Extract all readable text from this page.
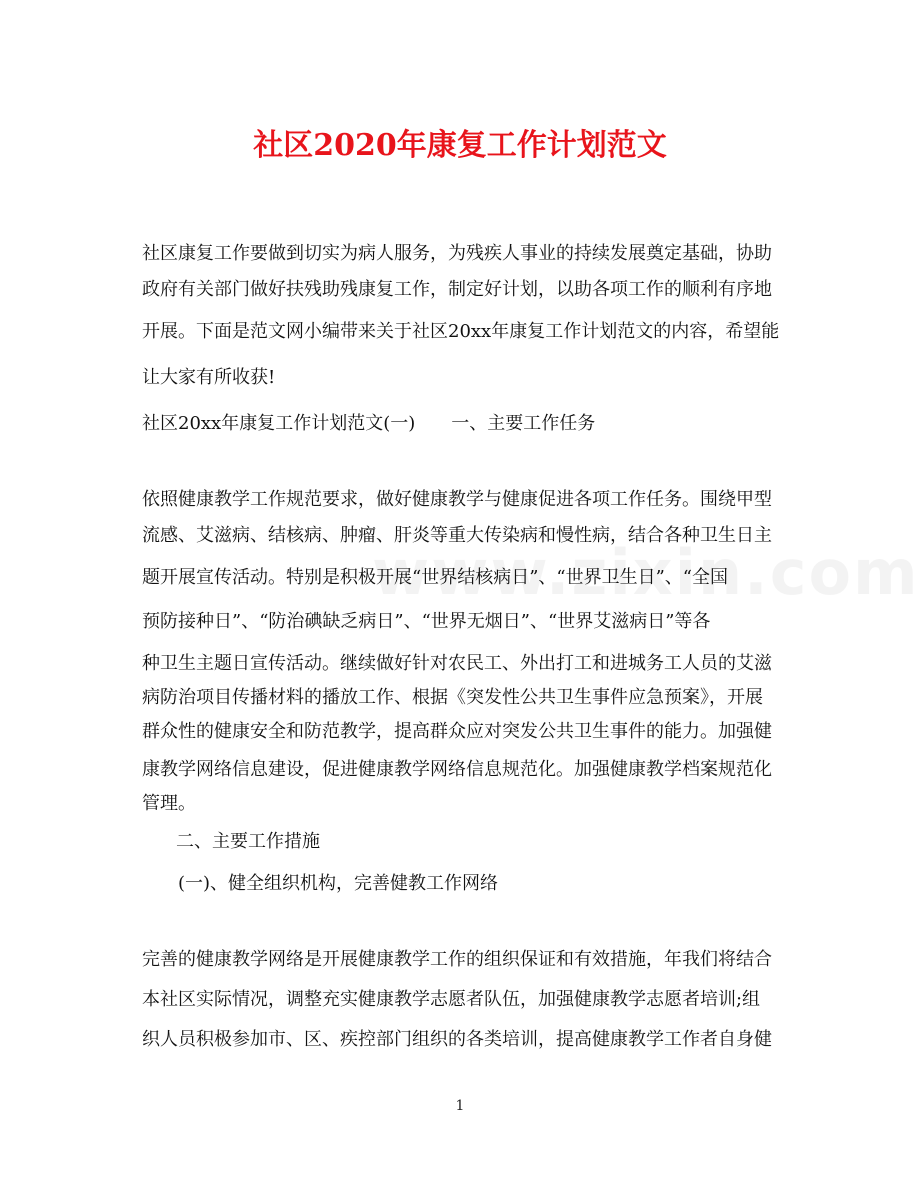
社区2020年康复工作计划范文
社区康复工作要做到切实为病人服务，为残疾人事业的持续发展奠定基础，协助
政府有关部门做好扶残助残康复工作，制定好计划，以助各项工作的顺利有序地
开展。下面是范文网小编带来关于社区20xx年康复工作计划范文的内容，希望能
让大家有所收获!
社区20xx年康复工作计划范文(一)　　一、主要工作任务
依照健康教学工作规范要求，做好健康教学与健康促进各项工作任务。围绕甲型
流感、艾滋病、结核病、肿瘤、肝炎等重大传染病和慢性病，结合各种卫生日主
题开展宣传活动。特别是积极开展“世界结核病日”、“世界卫生日”、“全国
预防接种日”、“防治碘缺乏病日”、“世界无烟日”、“世界艾滋病日”等各
种卫生主题日宣传活动。继续做好针对农民工、外出打工和进城务工人员的艾滋
病防治项目传播材料的播放工作、根据《突发性公共卫生事件应急预案》，开展
群众性的健康安全和防范教学，提高群众应对突发公共卫生事件的能力。加强健
康教学网络信息建设，促进健康教学网络信息规范化。加强健康教学档案规范化
管理。
二、主要工作措施
(一)、健全组织机构，完善健教工作网络
完善的健康教学网络是开展健康教学工作的组织保证和有效措施，年我们将结合
本社区实际情况，调整充实健康教学志愿者队伍，加强健康教学志愿者培训;组
织人员积极参加市、区、疾控部门组织的各类培训，提高健康教学工作者自身健
1
